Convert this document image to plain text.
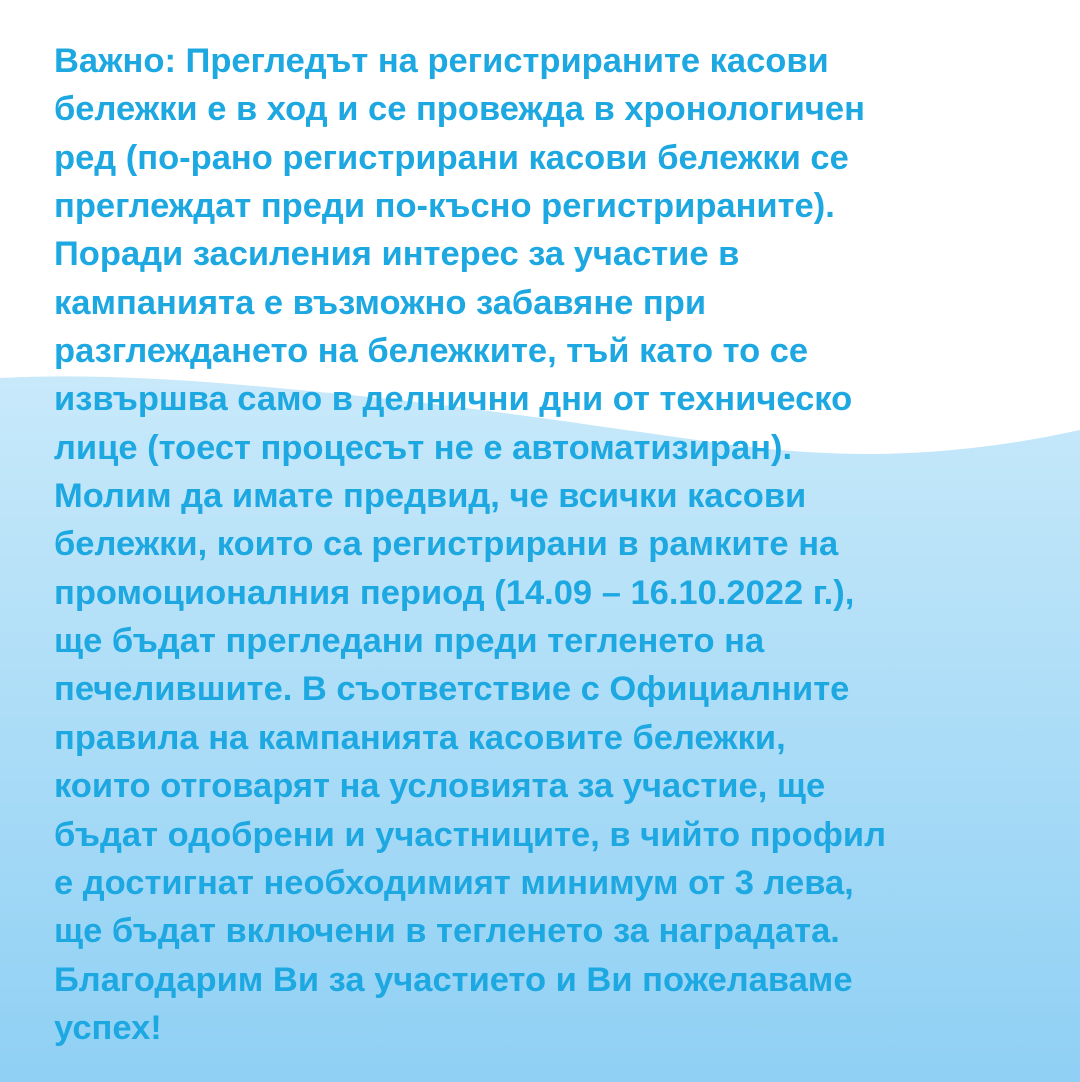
Важно: Прегледът на регистрираните касови
бележки е в ход и се провежда в хронологичен
ред (по-рано регистрирани касови бележки се
преглеждат преди по-късно регистрираните).
Поради засиления интерес за участие в
кампанията е възможно забавяне при
разглеждането на бележките, тъй като то се
извършва само в делнични дни от техническо
лице (тоест процесът не е автоматизиран).
Молим да имате предвид, че всички касови
бележки, които са регистрирани в рамките на
промоционалния период (14.09 – 16.10.2022 г.),
ще бъдат прегледани преди тегленето на
печелившите. В съответствие с Официалните
правила на кампанията касовите бележки,
които отговарят на условията за участие, ще
бъдат одобрени и участниците, в чийто профил
е достигнат необходимият минимум от 3 лева,
ще бъдат включени в тегленето за наградата.
Благодарим Ви за участието и Ви пожелаваме
успех!
